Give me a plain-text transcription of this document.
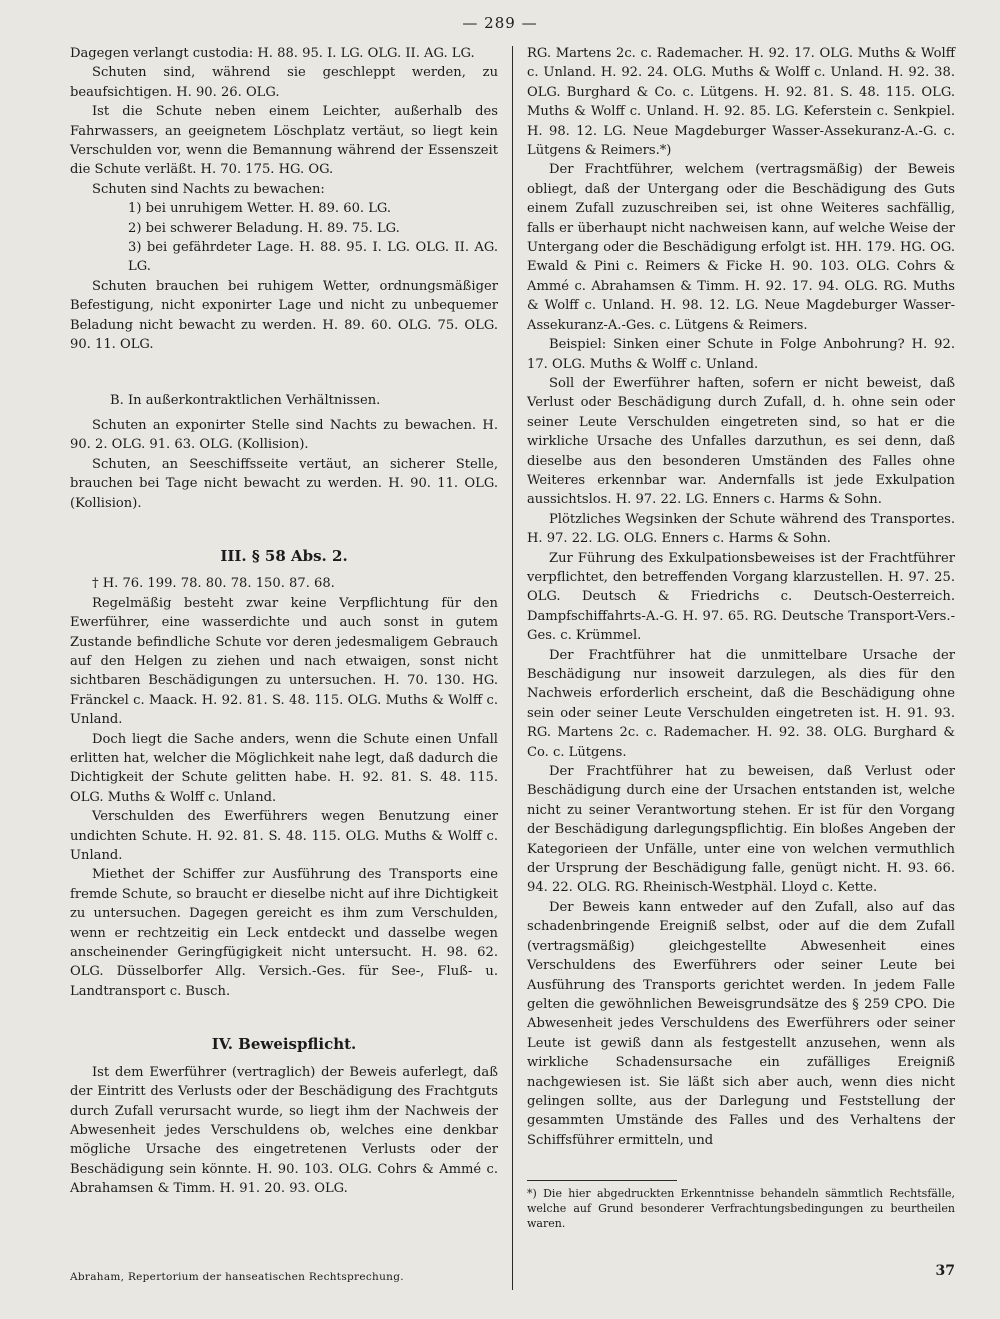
— 289 —

Dagegen verlangt custodia: H. 88. 95. I. LG. OLG. II. AG. LG.

Schuten sind, während sie geschleppt werden, zu beaufsichtigen. H. 90. 26. OLG.

Ist die Schute neben einem Leichter, außerhalb des Fahrwassers, an geeignetem Löschplatz vertäut, so liegt kein Verschulden vor, wenn die Bemannung während der Essenszeit die Schute verläßt. H. 70. 175. HG. OG.

Schuten sind Nachts zu bewachen:

1) bei unruhigem Wetter. H. 89. 60. LG.

2) bei schwerer Beladung. H. 89. 75. LG.

3) bei gefährdeter Lage. H. 88. 95. I. LG. OLG. II. AG. LG.

Schuten brauchen bei ruhigem Wetter, ordnungsmäßiger Befestigung, nicht exponirter Lage und nicht zu unbequemer Beladung nicht bewacht zu werden. H. 89. 60. OLG. 75. OLG. 90. 11. OLG.

B. In außerkontraktlichen Verhältnissen.

Schuten an exponirter Stelle sind Nachts zu bewachen. H. 90. 2. OLG. 91. 63. OLG. (Kollision).

Schuten, an Seeschiffsseite vertäut, an sicherer Stelle, brauchen bei Tage nicht bewacht zu werden. H. 90. 11. OLG. (Kollision).

III. § 58 Abs. 2.

† H. 76. 199. 78. 80. 78. 150. 87. 68.

Regelmäßig besteht zwar keine Verpflichtung für den Ewerführer, eine wasserdichte und auch sonst in gutem Zustande befindliche Schute vor deren jedesmaligem Gebrauch auf den Helgen zu ziehen und nach etwaigen, sonst nicht sichtbaren Beschädigungen zu untersuchen. H. 70. 130. HG. Fränckel c. Maack. H. 92. 81. S. 48. 115. OLG. Muths & Wolff c. Unland.

Doch liegt die Sache anders, wenn die Schute einen Unfall erlitten hat, welcher die Möglichkeit nahe legt, daß dadurch die Dichtigkeit der Schute gelitten habe. H. 92. 81. S. 48. 115. OLG. Muths & Wolff c. Unland.

Verschulden des Ewerführers wegen Benutzung einer undichten Schute. H. 92. 81. S. 48. 115. OLG. Muths & Wolff c. Unland.

Miethet der Schiffer zur Ausführung des Transports eine fremde Schute, so braucht er dieselbe nicht auf ihre Dichtigkeit zu untersuchen. Dagegen gereicht es ihm zum Verschulden, wenn er rechtzeitig ein Leck entdeckt und dasselbe wegen anscheinender Geringfügigkeit nicht untersucht. H. 98. 62. OLG. Düsselborfer Allg. Versich.-Ges. für See-, Fluß- u. Landtransport c. Busch.

IV. Beweispflicht.

Ist dem Ewerführer (vertraglich) der Beweis auferlegt, daß der Eintritt des Verlusts oder der Beschädigung des Frachtguts durch Zufall verursacht wurde, so liegt ihm der Nachweis der Abwesenheit jedes Verschuldens ob, welches eine denkbar mögliche Ursache des eingetretenen Verlusts oder der Beschädigung sein könnte. H. 90. 103. OLG. Cohrs & Ammé c. Abrahamsen & Timm. H. 91. 20. 93. OLG.

RG. Martens 2c. c. Rademacher. H. 92. 17. OLG. Muths & Wolff c. Unland. H. 92. 24. OLG. Muths & Wolff c. Unland. H. 92. 38. OLG. Burghard & Co. c. Lütgens. H. 92. 81. S. 48. 115. OLG. Muths & Wolff c. Unland. H. 92. 85. LG. Keferstein c. Senkpiel. H. 98. 12. LG. Neue Magdeburger Wasser-Assekuranz-A.-G. c. Lütgens & Reimers.*)

Der Frachtführer, welchem (vertragsmäßig) der Beweis obliegt, daß der Untergang oder die Beschädigung des Guts einem Zufall zuzuschreiben sei, ist ohne Weiteres sachfällig, falls er überhaupt nicht nachweisen kann, auf welche Weise der Untergang oder die Beschädigung erfolgt ist. HH. 179. HG. OG. Ewald & Pini c. Reimers & Ficke H. 90. 103. OLG. Cohrs & Ammé c. Abrahamsen & Timm. H. 92. 17. 94. OLG. RG. Muths & Wolff c. Unland. H. 98. 12. LG. Neue Magdeburger Wasser-Assekuranz-A.-Ges. c. Lütgens & Reimers.

Beispiel: Sinken einer Schute in Folge Anbohrung? H. 92. 17. OLG. Muths & Wolff c. Unland.

Soll der Ewerführer haften, sofern er nicht beweist, daß Verlust oder Beschädigung durch Zufall, d. h. ohne sein oder seiner Leute Verschulden eingetreten sind, so hat er die wirkliche Ursache des Unfalles darzuthun, es sei denn, daß dieselbe aus den besonderen Umständen des Falles ohne Weiteres erkennbar war. Andernfalls ist jede Exkulpation aussichtslos. H. 97. 22. LG. Enners c. Harms & Sohn.

Plötzliches Wegsinken der Schute während des Transportes. H. 97. 22. LG. OLG. Enners c. Harms & Sohn.

Zur Führung des Exkulpationsbeweises ist der Frachtführer verpflichtet, den betreffenden Vorgang klarzustellen. H. 97. 25. OLG. Deutsch & Friedrichs c. Deutsch-Oesterreich. Dampfschiffahrts-A.-G. H. 97. 65. RG. Deutsche Transport-Vers.-Ges. c. Krümmel.

Der Frachtführer hat die unmittelbare Ursache der Beschädigung nur insoweit darzulegen, als dies für den Nachweis erforderlich erscheint, daß die Beschädigung ohne sein oder seiner Leute Verschulden eingetreten ist. H. 91. 93. RG. Martens 2c. c. Rademacher. H. 92. 38. OLG. Burghard & Co. c. Lütgens.

Der Frachtführer hat zu beweisen, daß Verlust oder Beschädigung durch eine der Ursachen entstanden ist, welche nicht zu seiner Verantwortung stehen. Er ist für den Vorgang der Beschädigung darlegungspflichtig. Ein bloßes Angeben der Kategorieen der Unfälle, unter eine von welchen vermuthlich der Ursprung der Beschädigung falle, genügt nicht. H. 93. 66. 94. 22. OLG. RG. Rheinisch-Westphäl. Lloyd c. Kette.

Der Beweis kann entweder auf den Zufall, also auf das schadenbringende Ereigniß selbst, oder auf die dem Zufall (vertragsmäßig) gleichgestellte Abwesenheit eines Verschuldens des Ewerführers oder seiner Leute bei Ausführung des Transports gerichtet werden. In jedem Falle gelten die gewöhnlichen Beweisgrundsätze des § 259 CPO. Die Abwesenheit jedes Verschuldens des Ewerführers oder seiner Leute ist gewiß dann als festgestellt anzusehen, wenn als wirkliche Schadensursache ein zufälliges Ereigniß nachgewiesen ist. Sie läßt sich aber auch, wenn dies nicht gelingen sollte, aus der Darlegung und Feststellung der gesammten Umstände des Falles und des Verhaltens der Schiffsführer ermitteln, und

*) Die hier abgedruckten Erkenntnisse behandeln sämmtlich Rechtsfälle, welche auf Grund besonderer Verfrachtungsbedingungen zu beurtheilen waren.
Abraham, Repertorium der hanseatischen Rechtsprechung.	37
